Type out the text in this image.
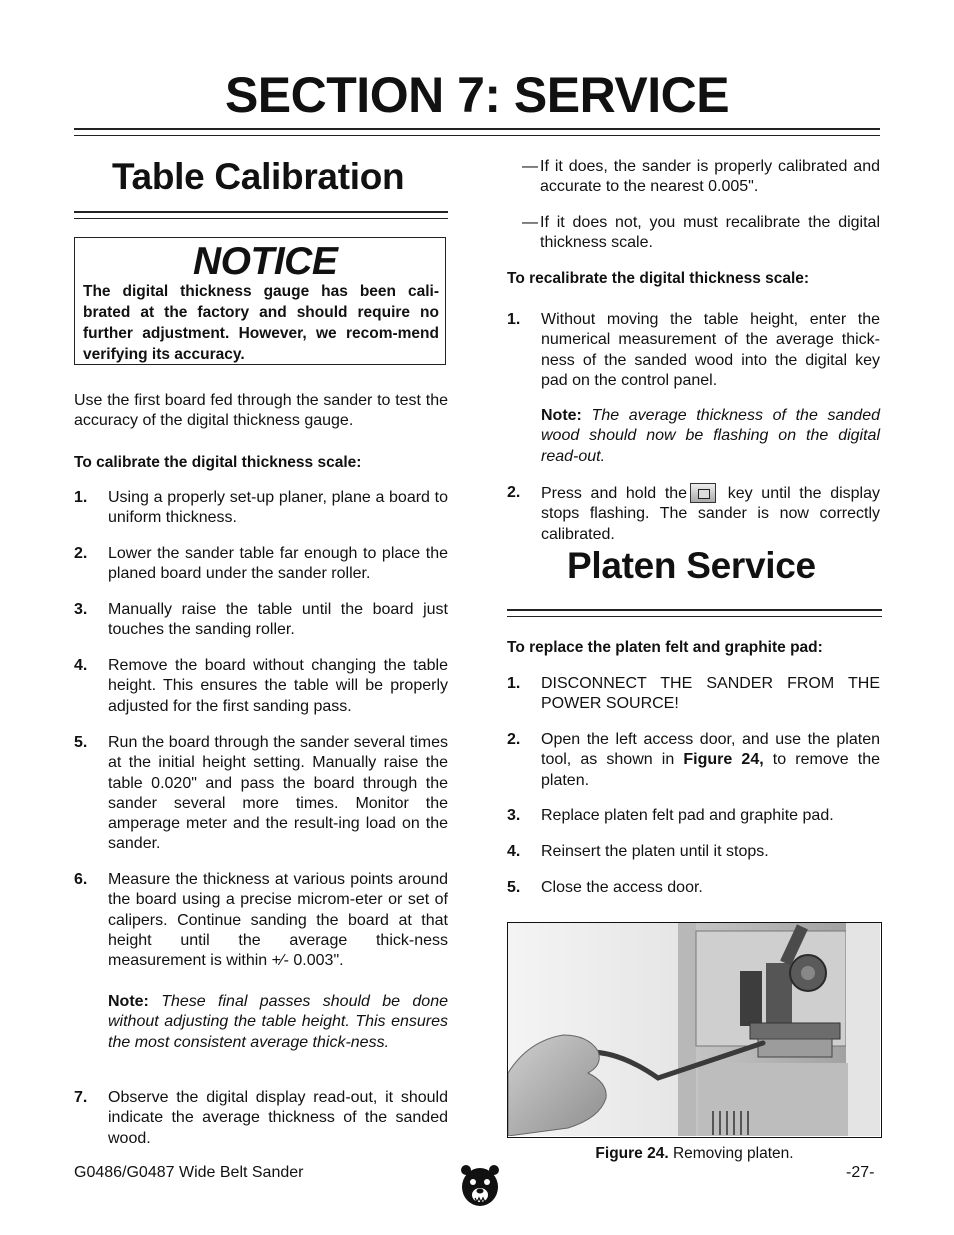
SECTION 7: SERVICE
Table Calibration
NOTICE
The digital thickness gauge has been cali-brated at the factory and should require no further adjustment. However, we recom-mend verifying its accuracy.

Use the first board fed through the sander to test the accuracy of the digital thickness gauge.

To calibrate the digital thickness scale:

1. Using a properly set-up planer, plane a board to uniform thickness.
2. Lower the sander table far enough to place the planed board under the sander roller.
3. Manually raise the table until the board just touches the sanding roller.
4. Remove the board without changing the table height. This ensures the table will be properly adjusted for the first sanding pass.
5. Run the board through the sander several times at the initial height setting. Manually raise the table 0.020" and pass the board through the sander several more times. Monitor the amperage meter and the result-ing load on the sander.
6. Measure the thickness at various points around the board using a precise microm-eter or set of calipers. Continue sanding the board at that height until the average thick-ness measurement is within +⁄- 0.003".

Note: These final passes should be done without adjusting the table height. This ensures the most consistent average thick-ness.

7. Observe the digital display read-out, it should indicate the average thickness of the sanded wood.
— If it does, the sander is properly calibrated and accurate to the nearest 0.005".
— If it does not, you must recalibrate the digital thickness scale.

To recalibrate the digital thickness scale:

1. Without moving the table height, enter the numerical measurement of the average thick-ness of the sanded wood into the digital key pad on the control panel.

Note: The average thickness of the sanded wood should now be flashing on the digital read-out.

2. Press and hold the	key until the display stops flashing. The sander is now correctly calibrated.
Platen Service

To replace the platen felt and graphite pad:

1. DISCONNECT THE SANDER FROM THE POWER SOURCE!
2. Open the left access door, and use the platen tool, as shown in Figure 24, to remove the platen.
3. Replace platen felt pad and graphite pad.
4. Reinsert the platen until it stops.
5. Close the access door.

Figure 24. Removing platen.

G0486/G0487 Wide Belt Sander	-27-
